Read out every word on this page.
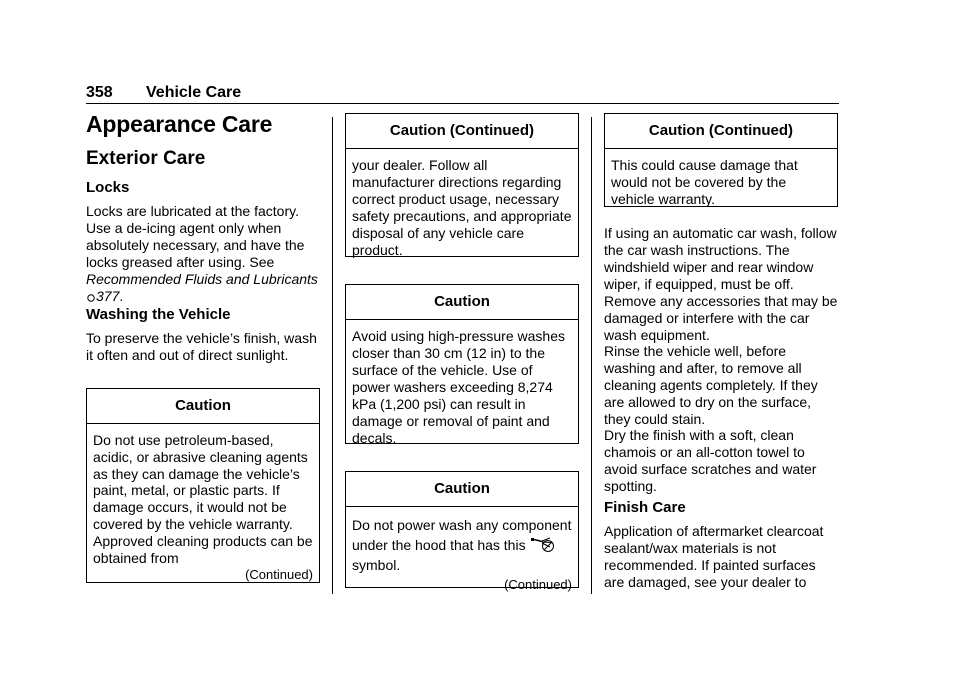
358 Vehicle Care
Appearance Care
Exterior Care
Locks

Locks are lubricated at the factory. Use a de-icing agent only when absolutely necessary, and have the locks greased after using. See Recommended Fluids and Lubricants 377.

Washing the Vehicle

To preserve the vehicle’s finish, wash it often and out of direct sunlight.

Caution
Do not use petroleum-based, acidic, or abrasive cleaning agents as they can damage the vehicle’s paint, metal, or plastic parts. If damage occurs, it would not be covered by the vehicle warranty. Approved cleaning products can be obtained from
(Continued)
Caution (Continued)
your dealer. Follow all manufacturer directions regarding correct product usage, necessary safety precautions, and appropriate disposal of any vehicle care product.
Caution
Avoid using high-pressure washes closer than 30 cm (12 in) to the surface of the vehicle. Use of power washers exceeding 8,274 kPa (1,200 psi) can result in damage or removal of paint and decals.
Caution
Do not power wash any component under the hood that has this  symbol.
(Continued)
Caution (Continued)
This could cause damage that would not be covered by the vehicle warranty.

If using an automatic car wash, follow the car wash instructions. The windshield wiper and rear window wiper, if equipped, must be off. Remove any accessories that may be damaged or interfere with the car wash equipment.

Rinse the vehicle well, before washing and after, to remove all cleaning agents completely. If they are allowed to dry on the surface, they could stain.

Dry the finish with a soft, clean chamois or an all-cotton towel to avoid surface scratches and water spotting.

Finish Care

Application of aftermarket clearcoat sealant/wax materials is not recommended. If painted surfaces are damaged, see your dealer to
